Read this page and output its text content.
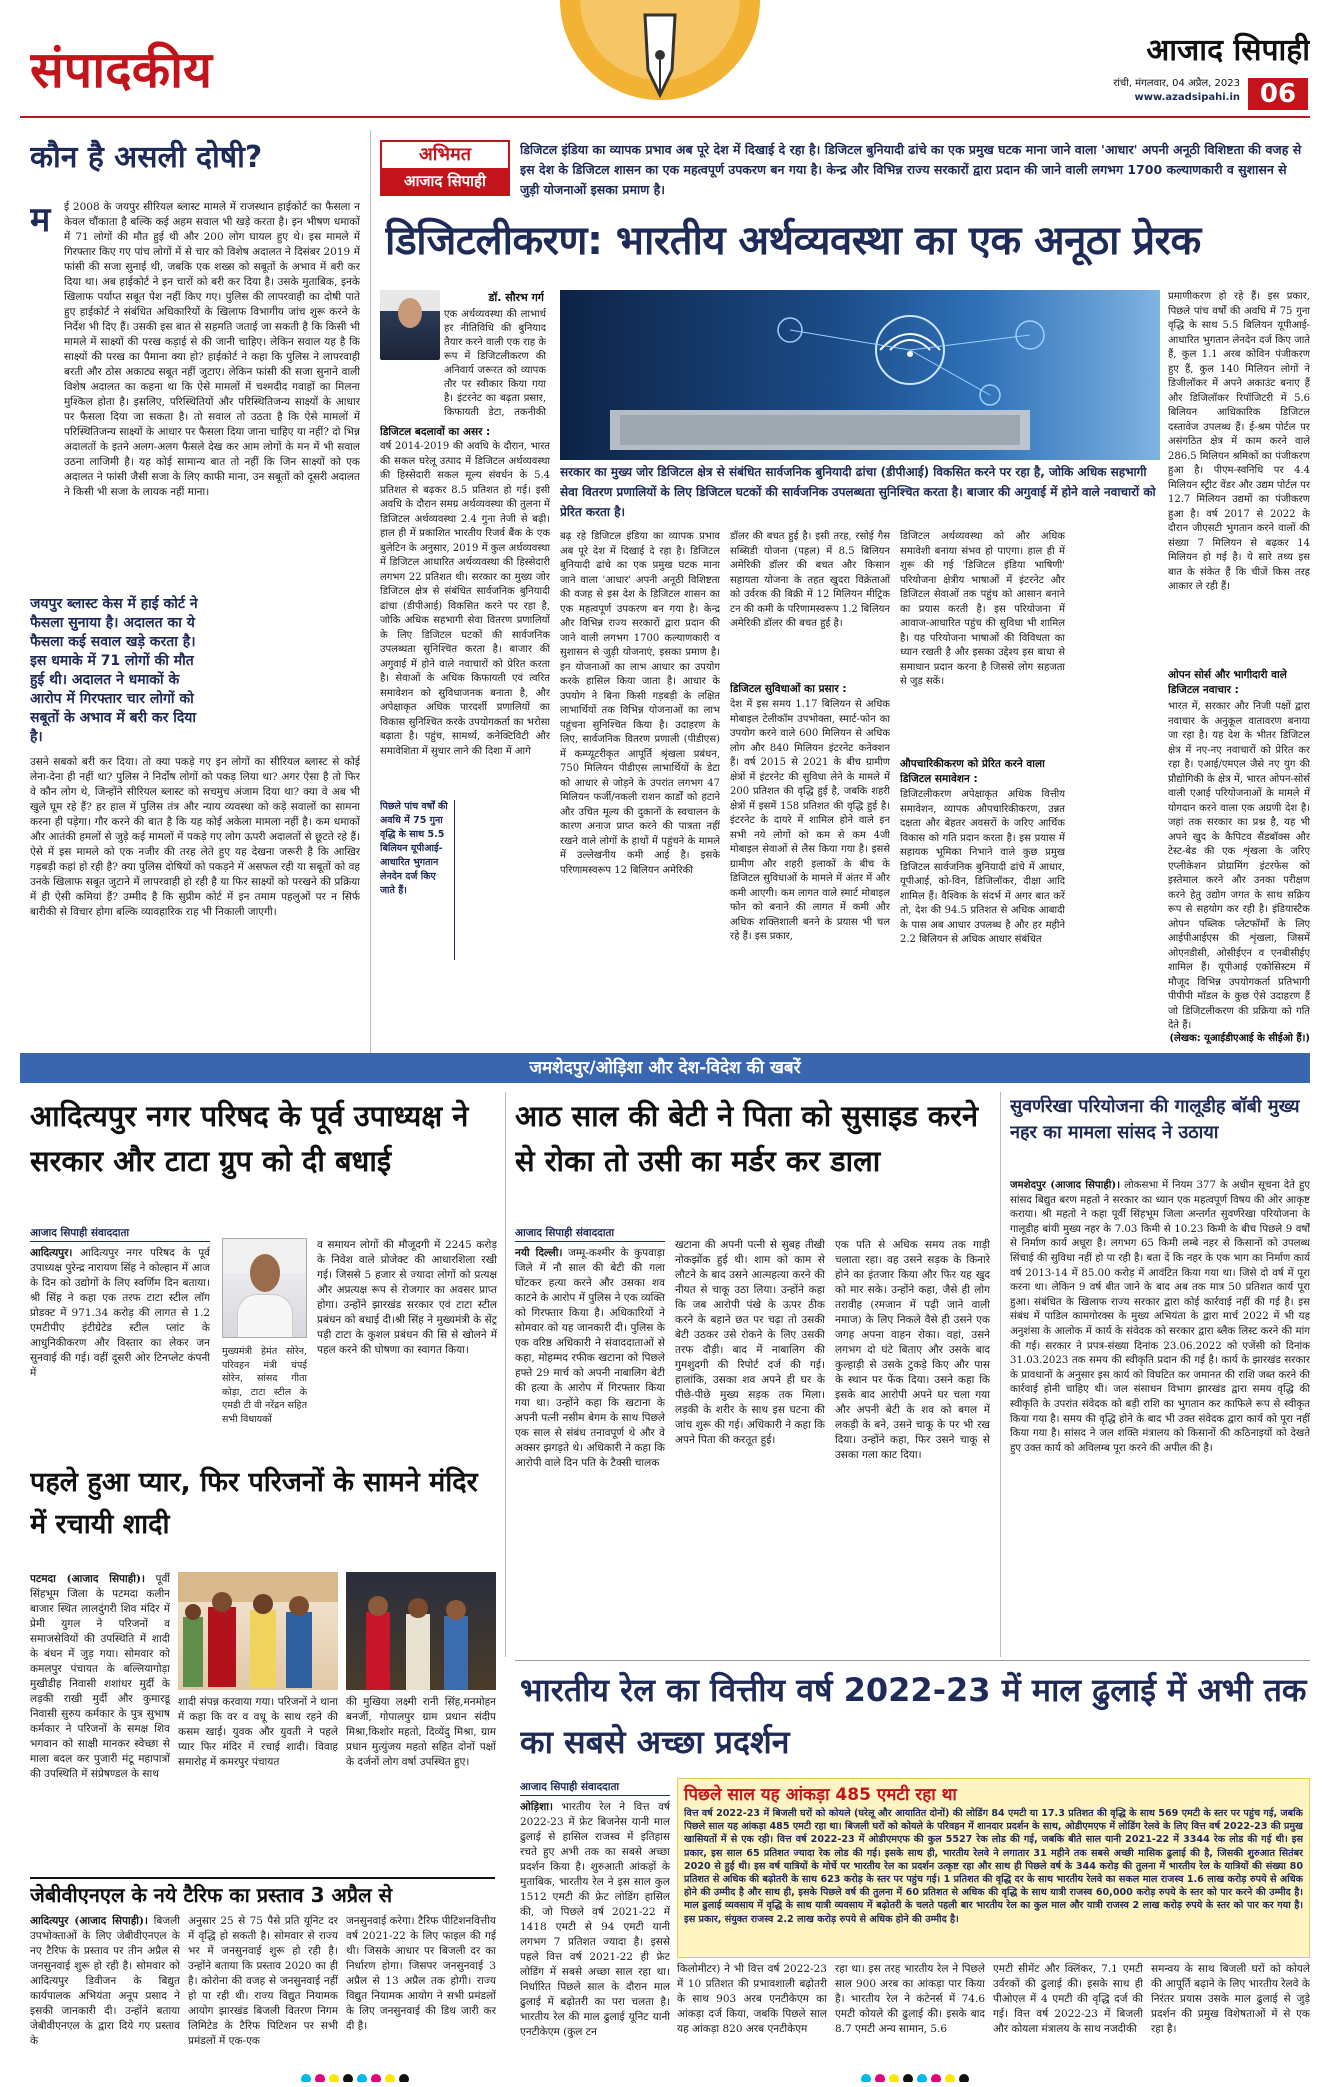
संपादकीय	आजाद सिपाही
रांची, मंगलवार, 04 अप्रैल, 2023
www.azadsipahi.in 06
कौन है असली दोषी?
म	ई 2008 के जयपुर सीरियल ब्लास्ट मामले में राजस्थान हाईकोर्ट का फैसला न केवल चौंकाता है बल्कि कई अहम सवाल भी खड़े करता है। इन भीषण धमाकों में 71 लोगों की मौत हुई थी और 200 लोग घायल हुए थे। इस मामले में गिरफ्तार किए गए पांच लोगों में से चार को विशेष अदालत ने दिसंबर 2019 में फांसी की सजा सुनाई थी, जबकि एक शख्स को सबूतों के अभाव में बरी कर दिया था। अब हाईकोर्ट ने इन चारों को बरी कर दिया है। उसके मुताबिक, इनके खिलाफ पर्याप्त सबूत पेश नहीं किए गए। पुलिस की लापरवाही का दोषी पाते हुए हाईकोर्ट ने संबंधित अधिकारियों के खिलाफ विभागीय जांच शुरू करने के निर्देश भी दिए हैं। उसकी इस बात से सहमति जताई जा सकती है कि किसी भी मामले में साक्ष्यों की परख कड़ाई से की जानी चाहिए। लेकिन सवाल यह है कि साक्ष्यों की परख का पैमाना क्या हो? हाईकोर्ट ने कहा कि पुलिस ने लापरवाही बरती और ठोस अकाट्य सबूत नहीं जुटाए। लेकिन फांसी की सजा सुनाने वाली विशेष अदालत का कहना था कि ऐसे मामलों में चश्मदीद गवाहों का मिलना मुश्किल होता है। इसलिए, परिस्थितियों और परिस्थितिजन्य साक्ष्यों के आधार पर फैसला दिया जा सकता है। तो सवाल तो उठता है कि ऐसे मामलों में परिस्थितिजन्य साक्ष्यों के आधार पर फैसला दिया जाना चाहिए या नहीं? दो भिन्न अदालतों के इतने अलग-अलग फैसले देख कर आम लोगों के मन में भी सवाल उठना लाजिमी है। यह कोई सामान्य बात तो नहीं कि जिन साक्ष्यों को एक अदालत ने फांसी जैसी सजा के लिए काफी माना, उन सबूतों को दूसरी अदालत ने किसी भी सजा के लायक नहीं माना।
जयपुर ब्लास्ट केस में हाई कोर्ट ने फैसला सुनाया है। अदालत का ये फैसला कई सवाल खड़े करता है। इस धमाके में 71 लोगों की मौत हुई थी। अदालत ने धमाकों के आरोप में गिरफ्तार चार लोगों को सबूतों के अभाव में बरी कर दिया है।
उसने सबको बरी कर दिया। तो क्या पकड़े गए इन लोगों का सीरियल ब्लास्ट से कोई लेना-देना ही नहीं था? पुलिस ने निर्दोष लोगों को पकड़ लिया था? अगर ऐसा है तो फिर वे कौन लोग थे, जिन्होंने सीरियल ब्लास्ट को सचमुच अंजाम दिया था? क्या वे अब भी खुले घूम रहे हैं? हर हाल में पुलिस तंत्र और न्याय व्यवस्था को कड़े सवालों का सामना करना ही पड़ेगा। गौर करने की बात है कि यह कोई अकेला मामला नहीं है। कम धमाकों और आतंकी हमलों से जुड़े कई मामलों में पकड़े गए लोग ऊपरी अदालतों से छूटते रहे हैं। ऐसे में इस मामले को एक नजीर की तरह लेते हुए यह देखना जरूरी है कि आखिर गड़बड़ी कहां हो रही है? क्या पुलिस दोषियों को पकड़ने में असफल रही या सबूतों को वह उनके खिलाफ सबूत जुटाने में लापरवाही हो रही है या फिर साक्ष्यों को परखने की प्रक्रिया में ही ऐसी कमियां हैं? उम्मीद है कि सुप्रीम कोर्ट में इन तमाम पहलुओं पर न सिर्फ बारीकी से विचार होगा बल्कि व्यावहारिक राह भी निकाली जाएगी।
अभिमत
आजाद सिपाही
डिजिटल इंडिया का व्यापक प्रभाव अब पूरे देश में दिखाई दे रहा है। डिजिटल बुनियादी ढांचे का एक प्रमुख घटक माना जाने वाला 'आधार' अपनी अनूठी विशिष्टता की वजह से इस देश के डिजिटल शासन का एक महत्वपूर्ण उपकरण बन गया है। केन्द्र और विभिन्न राज्य सरकारों द्वारा प्रदान की जाने वाली लगभग 1700 कल्याणकारी व सुशासन से जुड़ी योजनाओं इसका प्रमाण है।
डिजिटलीकरण: भारतीय अर्थव्यवस्था का एक अनूठा प्रेरक
डॉ. सौरभ गर्ग
एक अर्थव्यवस्था की लाभार्थ हर नीतिविधि की बुनियाद तैयार करने वाली एक राह के रूप में डिजिटलीकरण की अनिवार्य जरूरत को व्यापक तौर पर स्वीकार किया गया है। इंटरनेट का बढ़ता प्रसार, किफायती डेटा, तकनीकी
सरकार का मुख्य जोर डिजिटल क्षेत्र से संबंधित सार्वजनिक बुनियादी ढांचा (डीपीआई) विकसित करने पर रहा है, जोकि अधिक सहभागी सेवा वितरण प्रणालियों के लिए डिजिटल घटकों की सार्वजनिक उपलब्धता सुनिश्चित करता है। बाजार की अगुवाई में होने वाले नवाचारों को प्रेरित करता है।
डिजिटल बदलावों का असर :
वर्ष 2014-2019 की अवधि के दौरान, भारत की सकल घरेलू उत्पाद में डिजिटल अर्थव्यवस्था की हिस्सेदारी सकल मूल्य संवर्धन के 5.4 प्रतिशत से बढ़कर 8.5 प्रतिशत हो गई। इसी अवधि के दौरान समग्र अर्थव्यवस्था की तुलना में डिजिटल अर्थव्यवस्था 2.4 गुना तेजी से बढ़ी। हाल ही में प्रकाशित भारतीय रिजर्व बैंक के एक बुलेटिन के अनुसार, 2019 में कुल अर्थव्यवस्था में डिजिटल आधारित अर्थव्यवस्था की हिस्सेदारी लगभग 22 प्रतिशत थी। सरकार का मुख्य जोर डिजिटल क्षेत्र से संबंधित सार्वजनिक बुनियादी ढांचा (डीपीआई) विकसित करने पर रहा है, जोकि अधिक सहभागी सेवा वितरण प्रणालियों के लिए डिजिटल घटकों की सार्वजनिक उपलब्धता सुनिश्चित करता है। बाजार की अगुवाई में होने वाले नवाचारों को प्रेरित करता है। सेवाओं के अधिक किफायती एवं त्वरित समावेशन को सुविधाजनक बनाता है, और अपेक्षाकृत अधिक पारदर्शी प्रणालियों का विकास सुनिश्चित करके उपयोगकर्ता का भरोसा बढ़ाता है। पहुंच, सामर्थ्य, कनेक्टिविटी और समावेशिता में सुधार लाने की दिशा में आगे
पिछले पांच वर्षों की अवधि में 75 गुना वृद्धि के साथ 5.5 बिलियन यूपीआई-आधारित भुगतान लेनदेन दर्ज किए जाते हैं।
बढ़ रहे डिजिटल इंडिया का व्यापक प्रभाव अब पूरे देश में दिखाई दे रहा है। डिजिटल बुनियादी ढांचे का एक प्रमुख घटक माना जाने वाला 'आधार' अपनी अनूठी विशिष्टता की वजह से इस देश के डिजिटल शासन का एक महत्वपूर्ण उपकरण बन गया है। केन्द्र और विभिन्न राज्य सरकारों द्वारा प्रदान की जाने वाली लगभग 1700 कल्याणकारी व सुशासन से जुड़ी योजनाएं, इसका प्रमाण है। इन योजनाओं का लाभ आधार का उपयोग करके हासिल किया जाता है। आधार के उपयोग ने बिना किसी गड़बड़ी के लक्षित लाभार्थियों तक विभिन्न योजनाओं का लाभ पहुंचना सुनिश्चित किया है। उदाहरण के लिए, सार्वजनिक वितरण प्रणाली (पीडीएस) में कम्प्यूटरीकृत आपूर्ति श्रृंखला प्रबंधन, 750 मिलियन पीडीएस लाभार्थियों के डेटा को आधार से जोड़ने के उपरांत लगभग 47 मिलियन फर्जी/नकली राशन कार्डों को हटाने और उचित मूल्य की दुकानों के स्वचालन के कारण अनाज प्राप्त करने की पात्रता नहीं रखने वाले लोगों के हाथों में पहुंचने के मामले में उल्लेखनीय कमी आई है। इसके परिणामस्वरूप 12 बिलियन अमेरिकी
डॉलर की बचत हुई है। इसी तरह, रसोई गैस सब्सिडी योजना (पहल) में 8.5 बिलियन अमेरिकी डॉलर की बचत और किसान सहायता योजना के तहत खुदरा विक्रेताओं को उर्वरक की बिक्री में 12 मिलियन मीट्रिक टन की कमी के परिणामस्वरूप 1.2 बिलियन अमेरिकी डॉलर की बचत हुई है।
डिजिटल सुविधाओं का प्रसार :
देश में इस समय 1.17 बिलियन से अधिक मोबाइल टेलीकॉम उपभोक्ता, स्मार्ट-फोन का उपयोग करने वाले 600 मिलियन से अधिक लोग और 840 मिलियन इंटरनेट कनेक्शन हैं। वर्ष 2015 से 2021 के बीच ग्रामीण क्षेत्रों में इंटरनेट की सुविधा लेने के मामले में 200 प्रतिशत की वृद्धि हुई है, जबकि शहरी क्षेत्रों में इसमें 158 प्रतिशत की वृद्धि हुई है। इंटरनेट के दायरे में शामिल होने वाले इन सभी नये लोगों को कम से कम 4जी मोबाइल सेवाओं से लैस किया गया है। इससे ग्रामीण और शहरी इलाकों के बीच के डिजिटल सुविधाओं के मामले में अंतर में और कमी आएगी। कम लागत वाले स्मार्ट मोबाइल फोन को बनाने की लागत में कमी और अधिक शक्तिशाली बनने के प्रयास भी चल रहे हैं। इस प्रकार,
डिजिटल अर्थव्यवस्था को और अधिक समावेशी बनाया संभव हो पाएगा। हाल ही में शुरू की गई 'डिजिटल इंडिया भाषिणी' परियोजना क्षेत्रीय भाषाओं में इंटरनेट और डिजिटल सेवाओं तक पहुंच को आसान बनाने का प्रयास करती है। इस परियोजना में आवाज-आधारित पहुंच की सुविधा भी शामिल है। यह परियोजना भाषाओं की विविधता का ध्यान रखती है और इसका उद्देश्य इस बाधा से समाधान प्रदान करना है जिससे लोग सहजता से जुड़ सकें।
औपचारिकीकरण को प्रेरित करने वाला डिजिटल समावेशन :
डिजिटलीकरण अपेक्षाकृत अधिक वित्तीय समावेशन, व्यापक औपचारिकीकरण, उन्नत दक्षता और बेहतर अवसरों के जरिए आर्थिक विकास को गति प्रदान करता है। इस प्रयास में सहायक भूमिका निभाने वाले कुछ प्रमुख डिजिटल सार्वजनिक बुनियादी ढांचे में आधार, यूपीआई, को-विन, डिजिलॉकर, दीक्षा आदि शामिल हैं। वैश्विक के संदर्भ में अगर बात करें तो, देश की 94.5 प्रतिशत से अधिक आबादी के पास अब आधार उपलब्ध है और हर महीने 2.2 बिलियन से अधिक आधार संबंधित
प्रमाणीकरण हो रहे हैं। इस प्रकार, पिछले पांच वर्षों की अवधि में 75 गुना वृद्धि के साथ 5.5 बिलियन यूपीआई-आधारित भुगतान लेनदेन दर्ज किए जाते हैं, कुल 1.1 अरब कोविन पंजीकरण हुए हैं, कुल 140 मिलियन लोगों ने डिजीलॉकर में अपने अकाउंट बनाए हैं और डिजिलॉकर रिपॉजिटरी में 5.6 बिलियन आधिकारिक डिजिटल दस्तावेज उपलब्ध हैं। ई-श्रम पोर्टल पर असंगठित क्षेत्र में काम करने वाले 286.5 मिलियन श्रमिकों का पंजीकरण हुआ है। पीएम-स्वनिधि पर 4.4 मिलियन स्ट्रीट वेंडर और उद्यम पोर्टल पर 12.7 मिलियन उद्यमों का पंजीकरण हुआ है। वर्ष 2017 से 2022 के दौरान जीएसटी भुगतान करने वालों की संख्या 7 मिलियन से बढ़कर 14 मिलियन हो गई है। ये सारे तथ्य इस बात के संकेत हैं कि चीजें किस तरह आकार ले रही हैं।
ओपन सोर्स और भागीदारी वाले डिजिटल नवाचार :
भारत में, सरकार और निजी पक्षों द्वारा नवाचार के अनुकूल वातावरण बनाया जा रहा है। यह देश के भीतर डिजिटल क्षेत्र में नए-नए नवाचारों को प्रेरित कर रहा है। एआई/एमएल जैसे नए युग की प्रौद्योगिकी के क्षेत्र में, भारत ओपन-सोर्स वाली एआई परियोजनाओं के मामले में योगदान करने वाला एक अग्रणी देश है। जहां तक सरकार का प्रश्न है, यह भी अपने खुद के कैपिटव सैंडबॉक्स और टेस्ट-बेड की एक शृंखला के जरिए एप्लीकेशन प्रोग्रामिंग इंटरफेस को इस्तेमाल करने और उनका परीक्षण करने हेतु उद्योग जगत के साथ सक्रिय रूप से सहयोग कर रही है। इंडियास्टैक ओपन पब्लिक प्लेटफॉर्मों के लिए आईपीआईएस की शृंखला, जिसमें ओएनडीसी, ओसीईएन व एनबीसीईए शामिल हैं। यूपीआई एकोसिस्टम में मौजूद विभिन्न उपयोगकर्ता प्रतिभागी पीपीपी मॉडल के कुछ ऐसे उदाहरण हैं जो डिजिटलीकरण की प्रक्रिया को गति देते हैं।
(लेखक: यूआईडीएआई के सीईओ हैं।)
जमशेदपुर/ओड़िशा और देश-विदेश की खबरें
आदित्यपुर नगर परिषद के पूर्व उपाध्यक्ष ने सरकार और टाटा ग्रुप को दी बधाई
आजाद सिपाही संवाददाता
आदित्यपुर। आदित्यपुर नगर परिषद के पूर्व उपाध्यक्ष पुरेन्द्र नारायण सिंह ने कोल्हान में आज के दिन को उद्योगों के लिए स्वर्णिम दिन बताया। श्री सिंह ने कहा एक तरफ टाटा स्टील लॉग प्रोडक्ट में 971.34 करोड़ की लागत से 1.2 एमटीपीए इंटीग्रेटेड स्टील प्लांट के आधुनिकीकरण और विस्तार का लेकर जन सुनवाई की गई। वहीं दूसरी ओर टिनप्लेट कंपनी में
मुख्यमंत्री हेमंत सोरेन, परिवहन मंत्री चंपई सोरेन, सांसद गीता कोड़ा, टाटा स्टील के एमडी टी वी नरेंद्रन सहित सभी विधायकों
व समायन लोगों की मौजूदगी में 2245 करोड़ के निवेश वाले प्रोजेक्ट की आधारशिला रखी गई। जिससे 5 हजार से ज्यादा लोगों को प्रत्यक्ष और अप्रत्यक्ष रूप से रोजगार का अवसर प्राप्त होगा। उन्होंने झारखंड सरकार एवं टाटा स्टील प्रबंधन को बधाई दी।श्री सिंह ने मुख्यमंत्री के सेंट्र पड़ी टाटा के कुशल प्रबंधन की सि से खोलने में पहल करने की घोषणा का स्वागत किया।
पहले हुआ प्यार, फिर परिजनों के सामने मंदिर में रचायी शादी
पटमदा (आजाद सिपाही)। पूर्वी सिंहभूम जिला के पटमदा कलीन बाजार स्थित लालदुंगरी शिव मंदिर में प्रेमी युगल ने परिजनों व समाजसेवियों की उपस्थिति में शादी के बंधन में जुड़ गया। सोमवार को कमलपुर पंचायत के बल्लियागोड़ा मुखीडीह निवासी शशांधर मुर्दी के लड़की राखी मुर्दी और कुमारडू निवासी सुरुय कर्मकार के पुत्र सुभाष कर्मकार ने परिजनों के समक्ष शिव भगवान को साक्षी मानकर स्वेच्छा से माला बदल कर पुजारी मंटू महापात्रों की उपस्थिति में संप्रेषण्डल के साथ
शादी संपन्न करवाया गया। परिजनों ने थाना में कहा कि वर व वधू के साथ रहने की कसम खाई। युवक और युवती ने पहले प्यार फिर मंदिर में रचाई शादी। विवाह समारोह में कमरपुर पंचायत
की मुखिया लक्ष्मी रानी सिंह,मनमोहन बनर्जी, गोपालपुर ग्राम प्रधान संदीप मिश्रा,किशोर महतो, दिव्येंदु मिश्रा, ग्राम प्रधान मुत्युंजय महतो सहित दोनों पक्षों के दर्जनों लोग वर्षा उपस्थित हुए।
जेबीवीएनएल के नये टैरिफ का प्रस्ताव 3 अप्रैल से
आदित्यपुर (आजाद सिपाही)। बिजली उपभोक्ताओं के लिए जेबीवीएनएल के नए टैरिफ के प्रस्ताव पर तीन अप्रैल से जनसुनवाई शुरू हो रही है। सोमवार को आदित्यपुर डिवीजन के बिद्युत कार्यपालक अभियंता अनूप प्रसाद ने इसकी जानकारी दी। उन्होंने बताया जेबीवीएनएल के द्वारा दिये गए प्रस्ताव के
अनुसार 25 से 75 पैसे प्रति यूनिट दर में वृद्धि हो सकती है। सोमवार से राज्य भर में जनसुनवाई शुरू हो रही है। उन्होंने बताया कि प्रस्ताव 2020 का ही है। कोरोना की वजह से जनसुनवाई नहीं हो पा रही थी। राज्य विद्युत नियामक आयोग झारखंड बिजली वितरण निगम लिमिटेड के टैरिफ पिटिशन पर सभी प्रमंडलों में एक-एक
जनसुनवाई करेगा। टैरिफ पीटिशनवित्तीय वर्ष 2021-22 के लिए फाइल की गई थी। जिसके आधार पर बिजली दर का निर्धारण होगा। जिसपर जनसुनवाई 3 अप्रैल से 13 अप्रैल तक होगी। राज्य विद्युत नियामक आयोग ने सभी प्रमंडलों के लिए जनसुनवाई की डिथ जारी कर दी है।
आठ साल की बेटी ने पिता को सुसाइड करने से रोका तो उसी का मर्डर कर डाला
आजाद सिपाही संवाददाता
नयी दिल्ली। जम्मू-कश्मीर के कुपवाड़ा जिले में नौ साल की बेटी की गला घोंटकर हत्या करने और उसका शव काटने के आरोप में पुलिस ने एक व्यक्ति को गिरफ्तार किया है। अधिकारियों ने सोमवार को यह जानकारी दी। पुलिस के एक वरिष्ठ अधिकारी ने संवाददाताओं से कहा, मोहम्मद रफीक खटाना को पिछले हफ्ते 29 मार्च को अपनी नाबालिग बेटी की हत्या के आरोप में गिरफ्तार किया गया था। उन्होंने कहा कि खटाना के अपनी पत्नी नसीम बेगम के साथ पिछले एक साल से संबंध तनावपूर्ण थे और वे अक्सर झगड़ते थे। अधिकारी ने कहा कि आरोपी वाले दिन पति के टैक्सी चालक
खटाना की अपनी पत्नी से सुबह तीखी नोकझोंक हुई थी। शाम को काम से लौटने के बाद उसने आत्महत्या करने की नीयत से चाकू उठा लिया। उन्होंने कहा कि जब आरोपी पंखे के ऊपर ठीक करने के बहाने छत पर चढ़ा तो उसकी बेटी उठकर उसे रोकने के लिए उसकी तरफ दौड़ी। बाद में नाबालिग की गुमशुदगी की रिपोर्ट दर्ज की गई। हालांकि, उसका शव अपने ही घर के पीछे-पीछे मुख्य सड़क तक मिला। लड़की के शरीर के साथ इस घटना की जांच शुरू की गई। अधिकारी ने कहा कि अपने पिता की करतूत हुई।
एक पति से अधिक समय तक गाड़ी चलाता रहा। वह उसने सड़क के किनारे होने का इंतजार किया और फिर यह खुद को मार सके। उन्होंने कहा, जैसे ही लोग तरावीह (रमजान में पढ़ी जाने वाली नमाज) के लिए निकले वैसे ही उसने एक जगह अपना वाहन रोका। वहां, उसने लगभग दो घंटे बिताए और उसके बाद कुल्हाड़ी से उसके टुकड़े किए और पास के स्थान पर फेंक दिया। उसने कहा कि इसके बाद आरोपी अपने घर चला गया और अपनी बेटी के शव को बगल में लकड़ी के बने, उसने चाकू के पर भी रख दिया। उन्होंने कहा, फिर उसने चाकू से उसका गला काट दिया।
सुवर्णरेखा परियोजना की गालूडीह बॉबी मुख्य नहर का मामला सांसद ने उठाया
जमशेदपुर (आजाद सिपाही)। लोकसभा में नियम 377 के अधीन सूचना देते हुए सांसद बिद्युत बरण महतो ने सरकार का ध्यान एक महत्वपूर्ण विषय की ओर आकृष्ट कराया। श्री महतो ने कहा पूर्वी सिंहभूम जिला अन्तर्गत सुवर्णरेखा परियोजना के गालूडीह बांयी मुख्य नहर के 7.03 किमी से 10.23 किमी के बीच पिछले 9 वर्षों से निर्माण कार्य अधूरा है। लगभग 65 किमी लम्बे नहर से किसानों को उपलब्ध सिंचाई की सुविधा नहीं हो पा रही है। बता दें कि नहर के एक भाग का निर्माण कार्य वर्ष 2013-14 में 85.00 करोड़ में आवंटित किया गया था। जिसे दो वर्ष में पूरा करना था। लेकिन 9 वर्ष बीत जाने के बाद अब तक मात्र 50 प्रतिशत कार्य पूरा हुआ। संबंधित के खिलाफ राज्य सरकार द्वारा कोई कार्रवाई नहीं की गई है। इस संबंध में पाडिल कामगोरक्स के मुख्य अभियंता के द्वारा मार्च 2022 में भी यह अनुशंसा के आलोक में कार्य के संवेदक को सरकार द्वारा ब्लैक लिस्ट करने की मांग की गई। सरकार ने प्रपत्र-संख्या दिनांक 23.06.2022 को एजेंसी को दिनांक 31.03.2023 तक समय की स्वीकृति प्रदान की गई है। कार्य के झारखंड सरकार के प्रावधानों के अनुसार इस कार्य को विघटित कर जमानत की राशि जब्त करने की कार्रवाई होनी चाहिए थी। जल संसाधन विभाग झारखंड द्वारा समय वृद्धि की स्वीकृति के उपरांत संवेदक को बड़ी राशि का भुगतान कर काफिले रूप से स्वीकृत किया गया है। समय की वृद्धि होने के बाद भी उक्त संवेदक द्वारा कार्य को पूरा नहीं किया गया है। सांसद ने जल शक्ति मंत्रालय को किसानों की कठिनाइयों को देखते हुए उक्त कार्य को अविलम्ब पूरा करने की अपील की है।
भारतीय रेल का वित्तीय वर्ष 2022-23 में माल ढुलाई में अभी तक का सबसे अच्छा प्रदर्शन
आजाद सिपाही संवाददाता	पिछले साल यह आंकड़ा 485 एमटी रहा था
वित्त वर्ष 2022-23 में बिजली घरों को कोयले (घरेलू और आयातित दोनों) की लोडिंग 84 एमटी या 17.3 प्रतिशत की वृद्धि के साथ 569 एमटी के स्तर पर पहुंच गई, जबकि पिछले साल यह आंकड़ा 485 एमटी रहा था। बिजली घरों को कोयले के परिवहन में शानदार प्रदर्शन के साथ, ओडीएमएफ में लोडिंग रेलवे के लिए वित्त वर्ष 2022-23 की प्रमुख खासियतों में से एक रही। वित्त वर्ष 2022-23 में ओडीएमएफ की कुल 5527 रेक लोड की गई, जबकि बीते साल यानी 2021-22 में 3344 रेक लोड की गई थी। इस प्रकार, इस साल 65 प्रतिशत ज्यादा रेक लोड की गई। इसके साथ ही, भारतीय रेलवे ने लगातार 31 महीने तक सबसे अच्छी मासिक ढुलाई की है, जिसकी शुरुआत सितंबर 2020 से हुई थी। इस वर्ष यात्रियों के मोर्चे पर भारतीय रेल का प्रदर्शन उत्कृष्ट रहा और साथ ही पिछले वर्ष के 344 करोड़ की तुलना में भारतीय रेल के यात्रियों की संख्या 80 प्रतिशत से अधिक की बढ़ोतरी के साथ 623 करोड़ के स्तर पर पहुंच गई। 1 प्रतिशत की वृद्धि दर के साथ भारतीय रेलवे का सकल माल राजस्व 1.6 लाख करोड़ रुपये से अधिक होने की उम्मीद है और साथ ही, इसके पिछले वर्ष की तुलना में 60 प्रतिशत से अधिक की वृद्धि के साथ यात्री राजस्व 60,000 करोड़ रुपये के स्तर को पार करने की उम्मीद है। माल ढुलाई व्यवसाय में वृद्धि के साथ यात्री व्यवसाय में बढ़ोतरी के चलते पहली बार भारतीय रेल का कुल माल और यात्री राजस्व 2 लाख करोड़ रुपये के स्तर को पार कर गया है। इस प्रकार, संयुक्त राजस्व 2.2 लाख करोड़ रुपये से अधिक होने की उम्मीद है।
ओड़िशा। भारतीय रेल ने वित्त वर्ष 2022-23 में फ्रेट बिजनेस यानी माल ढुलाई से हासिल राजस्व में इतिहास रचते हुए अभी तक का सबसे अच्छा प्रदर्शन किया है। शुरुआती आंकड़ों के मुताबिक, भारतीय रेल ने इस साल कुल 1512 एमटी की फ्रेट लोडिंग हासिल की, जो पिछले वर्ष 2021-22 में 1418 एमटी से 94 एमटी यानी लगभग 7 प्रतिशत ज्यादा है। इससे पहले वित्त वर्ष 2021-22 ही फ्रेट लोडिंग में सबसे अच्छा साल रहा था। निर्धारित पिछले साल के दौरान माल ढुलाई में बढ़ोतरी का परा चलता है। भारतीय रेल की माल ढुलाई यूनिट यानी एनटीकेएम (कुल टन
किलोमीटर) ने भी वित्त वर्ष 2022-23 में 10 प्रतिशत की प्रभावशाली बढ़ोतरी के साथ 903 अरब एनटीकेएम का आंकड़ा दर्ज किया, जबकि पिछले साल यह आंकड़ा 820 अरब एनटीकेएम
रहा था। इस तरह भारतीय रेल ने पिछले साल 900 अरब का आंकड़ा पार किया है। भारतीय रेल ने कंटेनर्स में 74.6 एमटी कोयले की ढुलाई की। इसके बाद 8.7 एमटी अन्य सामान, 5.6
एमटी सीमेंट और क्लिंकर, 7.1 एमटी उर्वरकों की ढुलाई की। इसके साथ ही पीओएल में 4 एमटी की वृद्धि दर्ज की गई। वित्त वर्ष 2022-23 में बिजली और कोयला मंत्रालय के साथ नजदीकी
समन्वय के साथ बिजली घरों को कोयले की आपूर्ति बढ़ाने के लिए भारतीय रेलवे के निरंतर प्रयास उसके माल ढुलाई से जुड़े प्रदर्शन की प्रमुख विशेषताओं में से एक रहा है।
